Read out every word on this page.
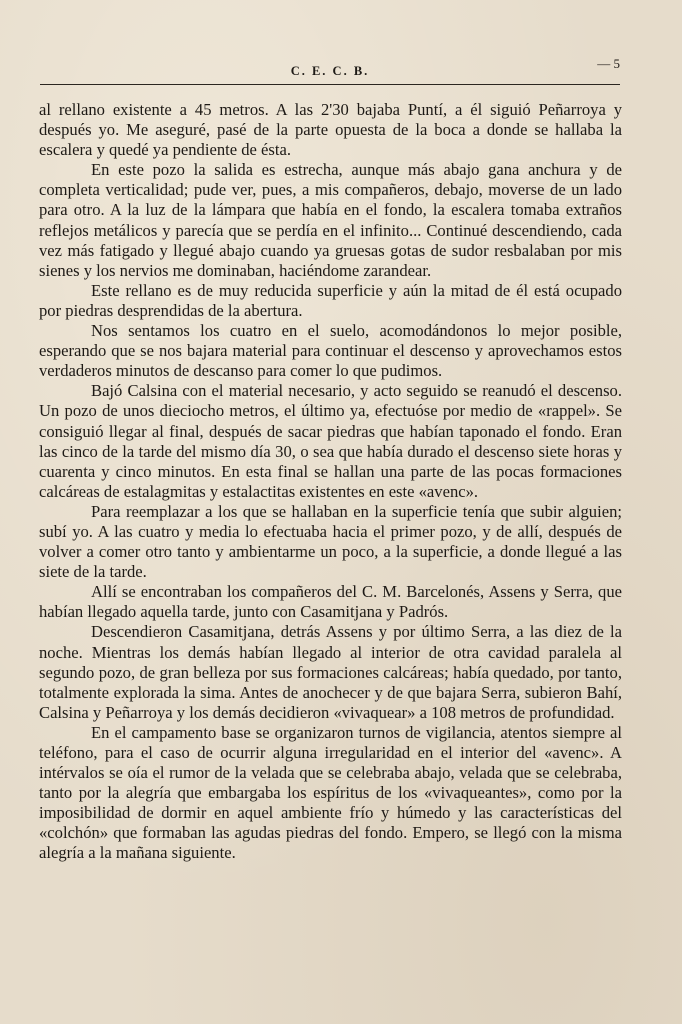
C. E. C. B.	— 5

al rellano existente a 45 metros. A las 2'30 bajaba Puntí, a él siguió Peñarroya y después yo. Me aseguré, pasé de la parte opuesta de la boca a donde se hallaba la escalera y quedé ya pendiente de ésta.

En este pozo la salida es estrecha, aunque más abajo gana anchura y de completa verticalidad; pude ver, pues, a mis compañeros, debajo, moverse de un lado para otro. A la luz de la lámpara que había en el fondo, la escalera tomaba extraños reflejos metálicos y parecía que se perdía en el infinito... Continué descendiendo, cada vez más fatigado y llegué abajo cuando ya gruesas gotas de sudor resbalaban por mis sienes y los nervios me dominaban, haciéndome zarandear.

Este rellano es de muy reducida superficie y aún la mitad de él está ocupado por piedras desprendidas de la abertura.

Nos sentamos los cuatro en el suelo, acomodándonos lo mejor posible, esperando que se nos bajara material para continuar el descenso y aprovechamos estos verdaderos minutos de descanso para comer lo que pudimos.

Bajó Calsina con el material necesario, y acto seguido se reanudó el descenso. Un pozo de unos dieciocho metros, el último ya, efectuóse por medio de «rappel». Se consiguió llegar al final, después de sacar piedras que habían taponado el fondo. Eran las cinco de la tarde del mismo día 30, o sea que había durado el descenso siete horas y cuarenta y cinco minutos. En esta final se hallan una parte de las pocas formaciones calcáreas de estalagmitas y estalactitas existentes en este «avenc».

Para reemplazar a los que se hallaban en la superficie tenía que subir alguien; subí yo. A las cuatro y media lo efectuaba hacia el primer pozo, y de allí, después de volver a comer otro tanto y ambientarme un poco, a la superficie, a donde llegué a las siete de la tarde.

Allí se encontraban los compañeros del C. M. Barcelonés, Assens y Serra, que habían llegado aquella tarde, junto con Casamitjana y Padrós.

Descendieron Casamitjana, detrás Assens y por último Serra, a las diez de la noche. Mientras los demás habían llegado al interior de otra cavidad paralela al segundo pozo, de gran belleza por sus formaciones calcáreas; había quedado, por tanto, totalmente explorada la sima. Antes de anochecer y de que bajara Serra, subieron Bahí, Calsina y Peñarroya y los demás decidieron «vivaquear» a 108 metros de profundidad.

En el campamento base se organizaron turnos de vigilancia, atentos siempre al teléfono, para el caso de ocurrir alguna irregularidad en el interior del «avenc». A intérvalos se oía el rumor de la velada que se celebraba abajo, velada que se celebraba, tanto por la alegría que embargaba los espíritus de los «vivaqueantes», como por la imposibilidad de dormir en aquel ambiente frío y húmedo y las características del «colchón» que formaban las agudas piedras del fondo. Empero, se llegó con la misma alegría a la mañana siguiente.
